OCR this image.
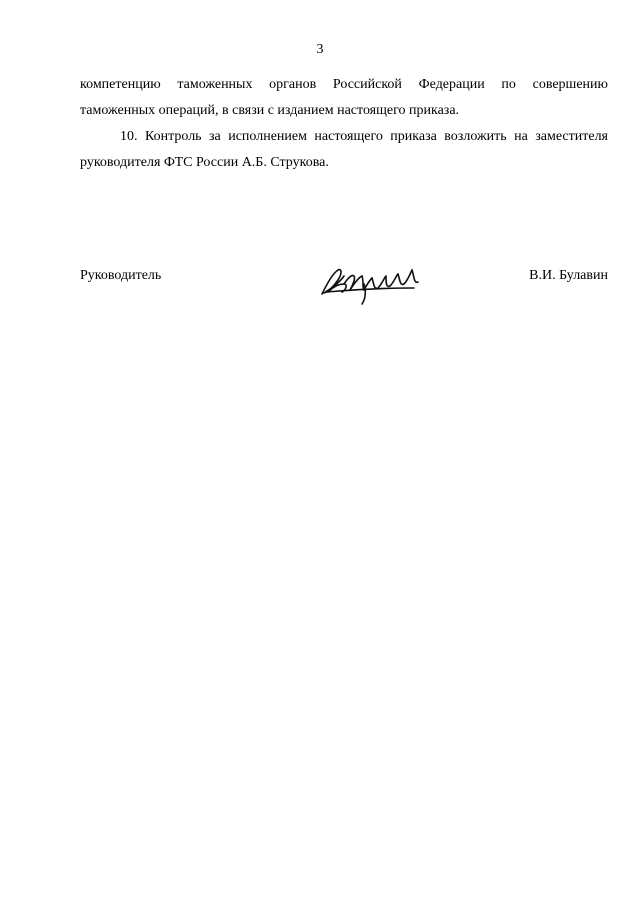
3
компетенцию таможенных органов Российской Федерации по совершению
таможенных операций, в связи с изданием настоящего приказа.
10. Контроль за исполнением настоящего приказа возложить на заместителя
руководителя ФТС России А.Б. Струкова.
Руководитель	В.И. Булавин
